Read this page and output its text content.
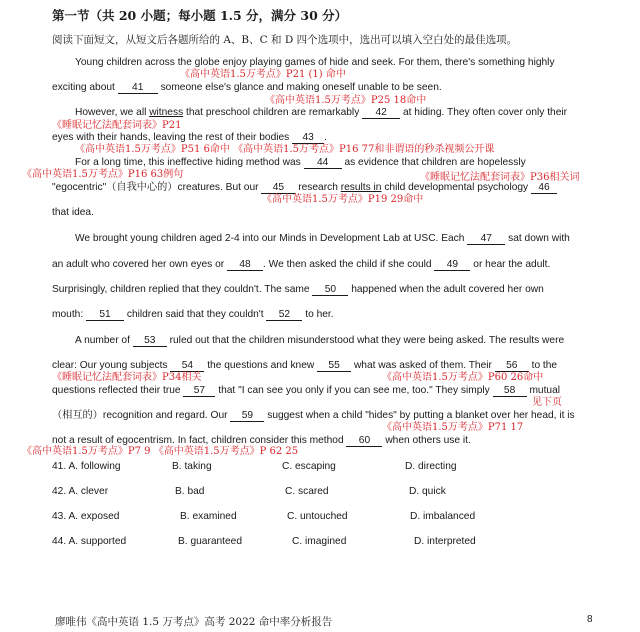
第一节（共 20 小题；每小题 1.5 分，满分 30 分）
阅读下面短文，从短文后各题所给的 A、B、C 和 D 四个选项中，选出可以填入空白处的最佳选项。
Young children across the globe enjoy playing games of hide and seek. For them, there's something highly
exciting about 41 someone else's glance and making oneself unable to be seen.
《高中英语1.5万考点》P21 (1) 命中
《高中英语1.5万考点》P25 18命中
However, we all witness that preschool children are remarkably 42 at hiding. They often cover only their
《睡眠记忆法配套词表》P21
eyes with their hands, leaving the rest of their bodies 43 .
《高中英语1.5万考点》P51 6命中 《高中英语1.5万考点》P16 77和非谓语的秒杀视频公开课
For a long time, this ineffective hiding method was 44 as evidence that children are hopelessly
《高中英语1.5万考点》P16 63例句	《睡眠记忆法配套词表》P36相关词
"egocentric"（自我中心的）creatures. But our 45 research results in child developmental psychology 46
《高中英语1.5万考点》P19 29命中
that idea.
We brought young children aged 2-4 into our Minds in Development Lab at USC. Each 47 sat down with
an adult who covered her own eyes or 48 . We then asked the child if she could 49 or hear the adult.
Surprisingly, children replied that they couldn't. The same 50 happened when the adult covered her own
mouth: 51 children said that they couldn't 52 to her.
A number of 53 ruled out that the children misunderstood what they were being asked. The results were
clear: Our young subjects 54 the questions and knew 55 what was asked of them. Their 56 to the
《睡眠记忆法配套词表》P34相关	《高中英语1.5万考点》P60 26命中
questions reflected their true 57 that "I can see you only if you can see me, too." They simply 58 mutual
见下页
（相互的）recognition and regard. Our 59 suggest when a child "hides" by putting a blanket over her head, it is
《高中英语1.5万考点》P71 17
not a result of egocentrism. In fact, children consider this method 60 when others use it.
《高中英语1.5万考点》P7 9 《高中英语1.5万考点》P 62 25
41. A. following	B. taking	C. escaping	D. directing
42. A. clever	B. bad	C. scared	D. quick
43. A. exposed	B. examined	C. untouched	D. imbalanced
44. A. supported	B. guaranteed	C. imagined	D. interpreted
廖唯伟《高中英语 1.5 万考点》高考 2022 命中率分析报告	8
